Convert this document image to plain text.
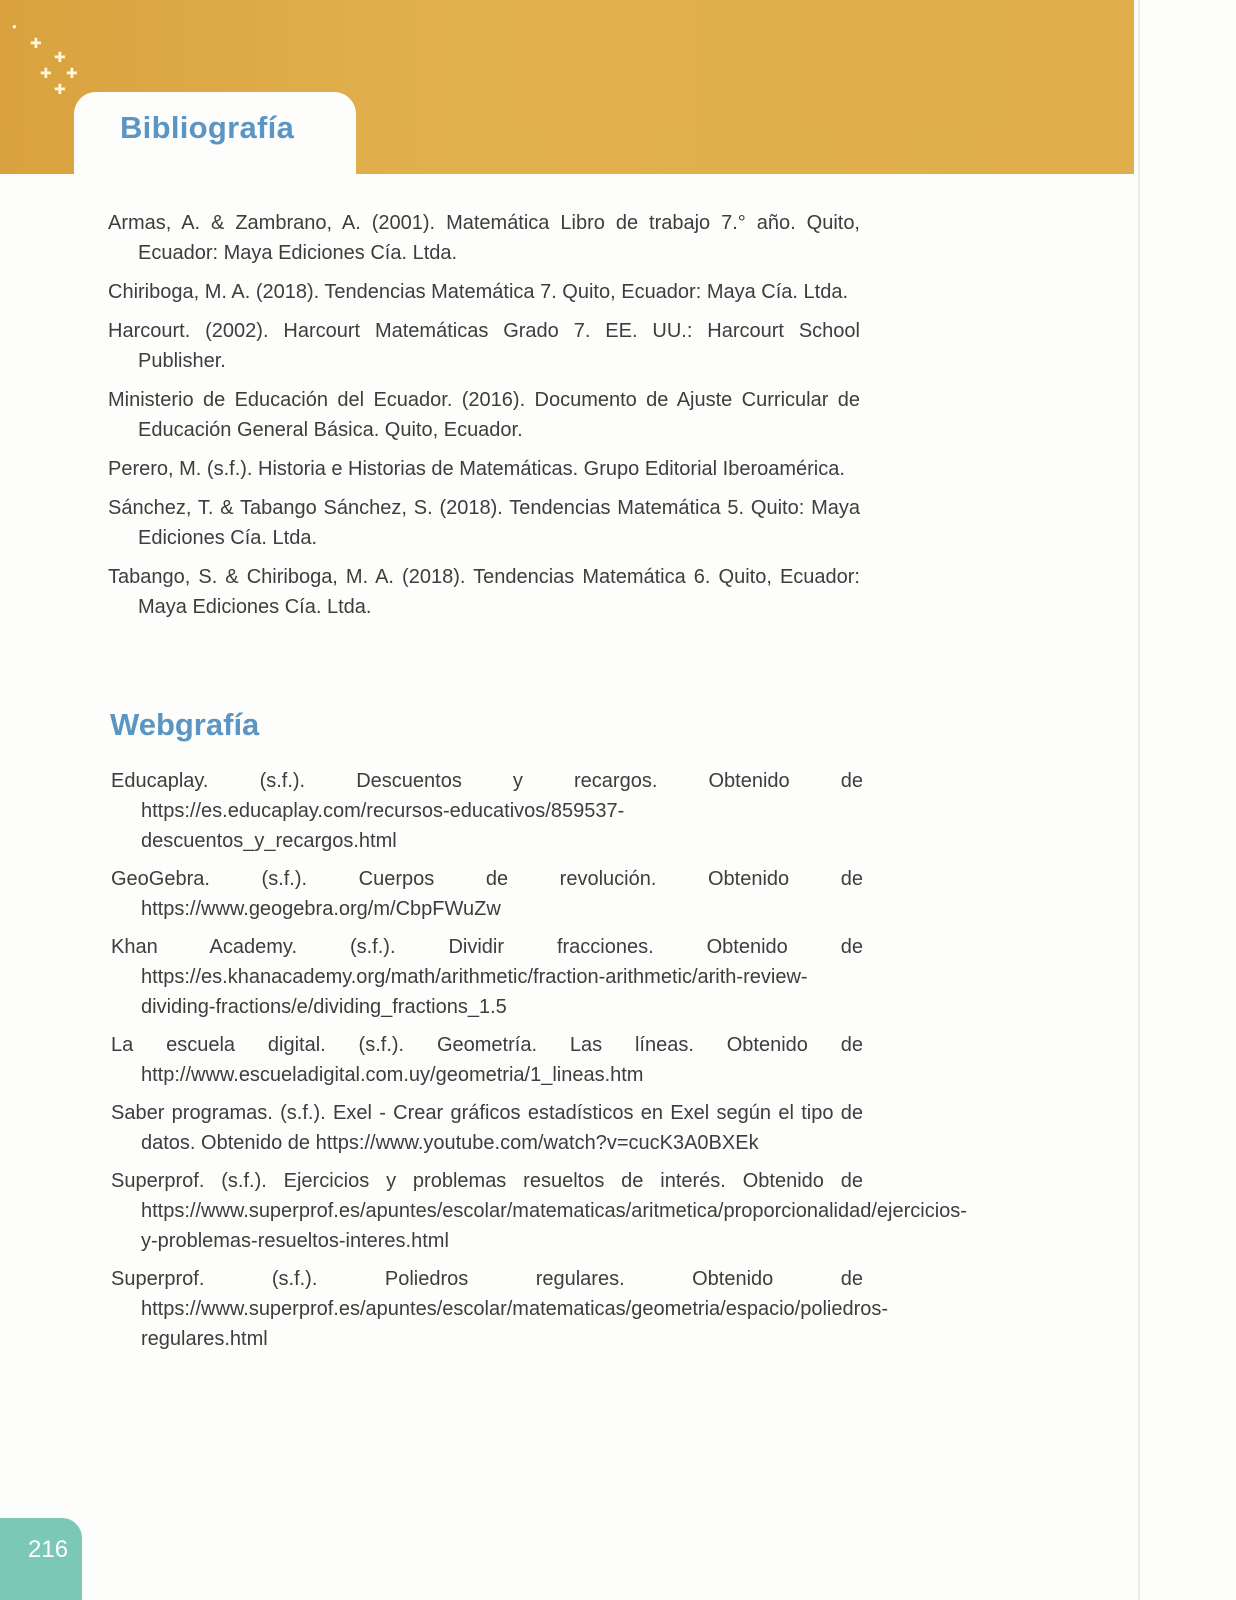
●
✚
✚
✚ ✚
✚
Bibliografía
Armas, A. & Zambrano, A. (2001). Matemática Libro de trabajo 7.° año. Quito, Ecuador: Maya Ediciones Cía. Ltda.
Chiriboga, M. A. (2018). Tendencias Matemática 7. Quito, Ecuador: Maya Cía. Ltda.
Harcourt. (2002). Harcourt Matemáticas Grado 7. EE. UU.: Harcourt School Publisher.
Ministerio de Educación del Ecuador. (2016). Documento de Ajuste Curricular de Educación General Básica. Quito, Ecuador.
Perero, M. (s.f.). Historia e Historias de Matemáticas. Grupo Editorial Iberoamérica.
Sánchez, T. & Tabango Sánchez, S. (2018). Tendencias Matemática 5. Quito: Maya Ediciones Cía. Ltda.
Tabango, S. & Chiriboga, M. A. (2018). Tendencias Matemática 6. Quito, Ecuador: Maya Ediciones Cía. Ltda.
Webgrafía
Educaplay. (s.f.). Descuentos y recargos. Obtenido de https://es.educaplay.com/recursos-educativos/859537-descuentos_y_recargos.html
GeoGebra. (s.f.). Cuerpos de revolución. Obtenido de https://www.geogebra.org/m/CbpFWuZw
Khan Academy. (s.f.). Dividir fracciones. Obtenido de https://es.khanacademy.org/math/arithmetic/fraction-arithmetic/arith-review-dividing-fractions/e/dividing_fractions_1.5
La escuela digital. (s.f.). Geometría. Las líneas. Obtenido de http://www.escueladigital.com.uy/geometria/1_lineas.htm
Saber programas. (s.f.). Exel - Crear gráficos estadísticos en Exel según el tipo de datos. Obtenido de https://www.youtube.com/watch?v=cucK3A0BXEk
Superprof. (s.f.). Ejercicios y problemas resueltos de interés. Obtenido de https://www.superprof.es/apuntes/escolar/matematicas/aritmetica/proporcionalidad/ejercicios-y-problemas-resueltos-interes.html
Superprof. (s.f.). Poliedros regulares. Obtenido de https://www.superprof.es/apuntes/escolar/matematicas/geometria/espacio/poliedros-regulares.html
216
